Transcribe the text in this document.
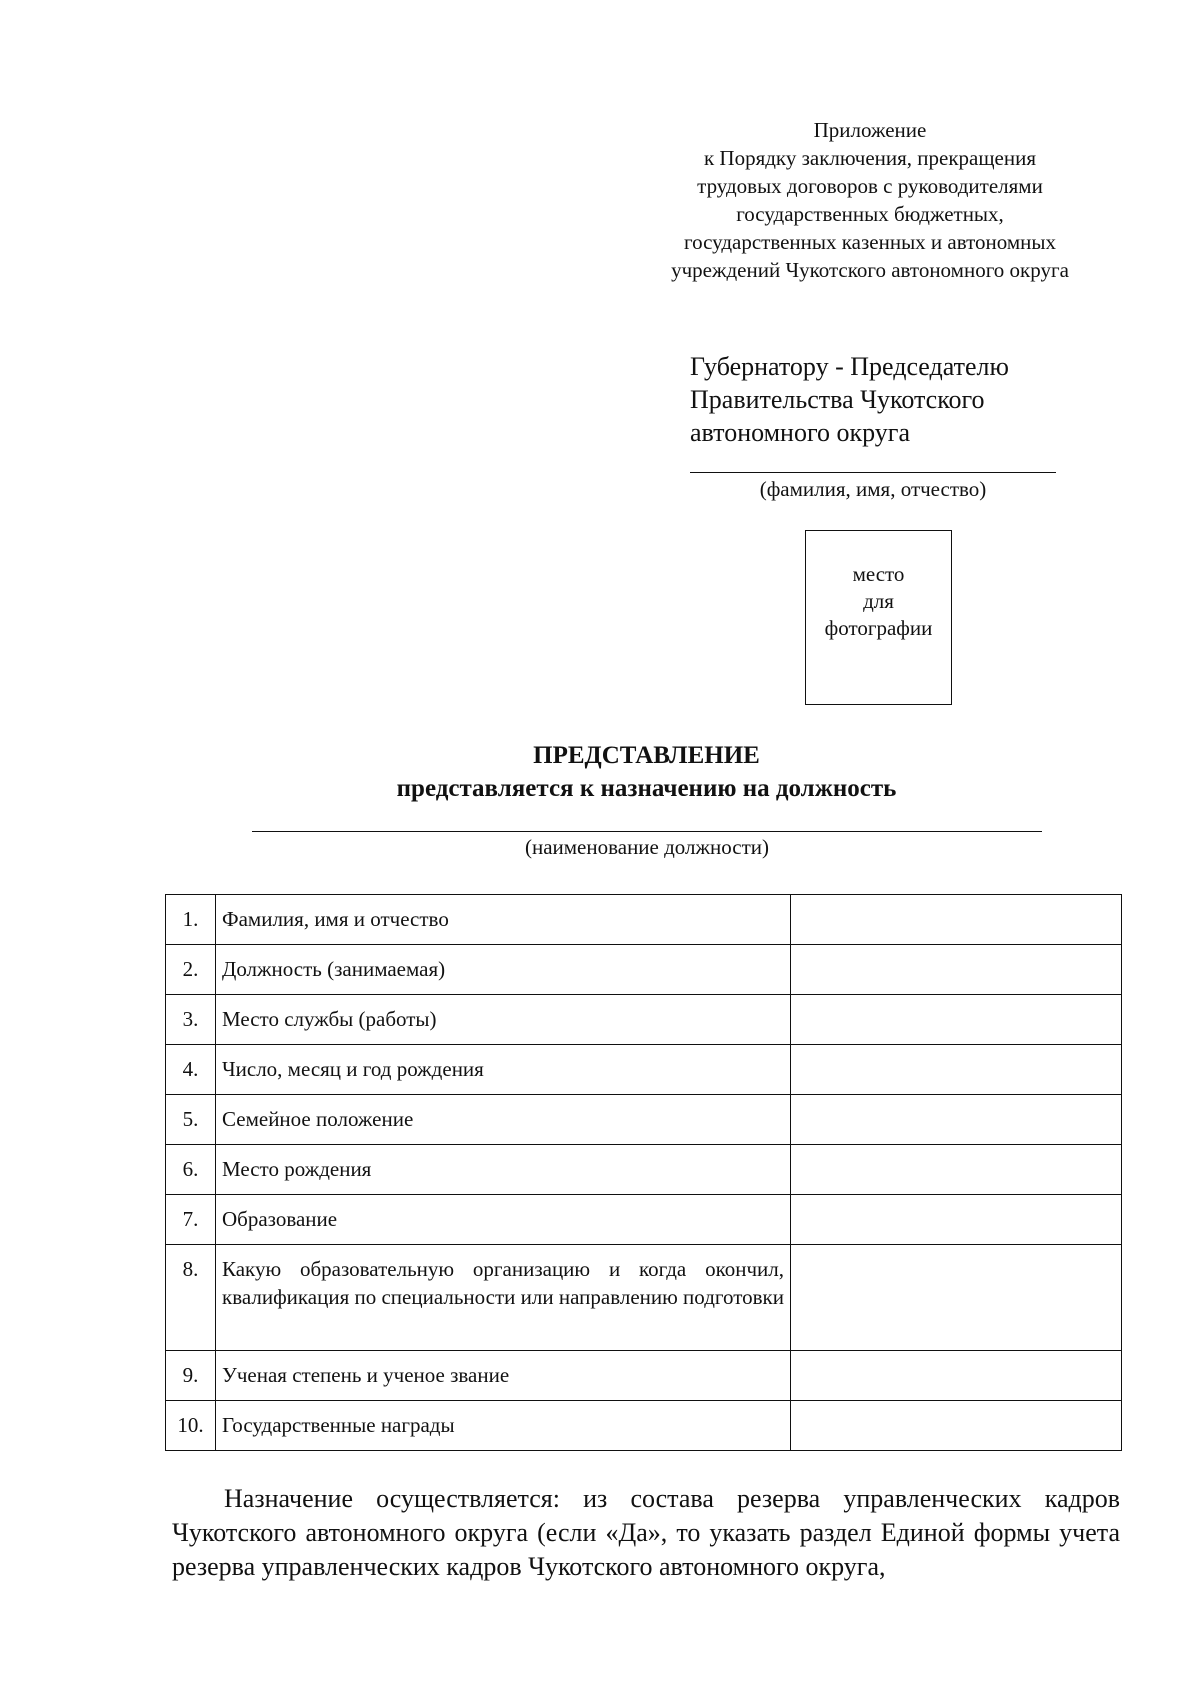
Приложение
к Порядку заключения, прекращения
трудовых договоров с руководителями
государственных бюджетных,
государственных казенных и автономных
учреждений Чукотского автономного округа
Губернатору - Председателю
Правительства Чукотского
автономного округа
(фамилия, имя, отчество)
место
для
фотографии
ПРЕДСТАВЛЕНИЕ
представляется к назначению на должность
(наименование должности)
1.	Фамилия, имя и отчество	
2.	Должность (занимаемая)	
3.	Место службы (работы)	
4.	Число, месяц и год рождения	
5.	Семейное положение	
6.	Место рождения	
7.	Образование	
8.	Какую образовательную организацию и когда окончил, квалификация по специальности или направлению подготовки	
9.	Ученая степень и ученое звание	
10.	Государственные награды	
Назначение осуществляется: из состава резерва управленческих кадров Чукотского автономного округа (если «Да», то указать раздел Единой формы учета резерва управленческих кадров Чукотского автономного округа,
